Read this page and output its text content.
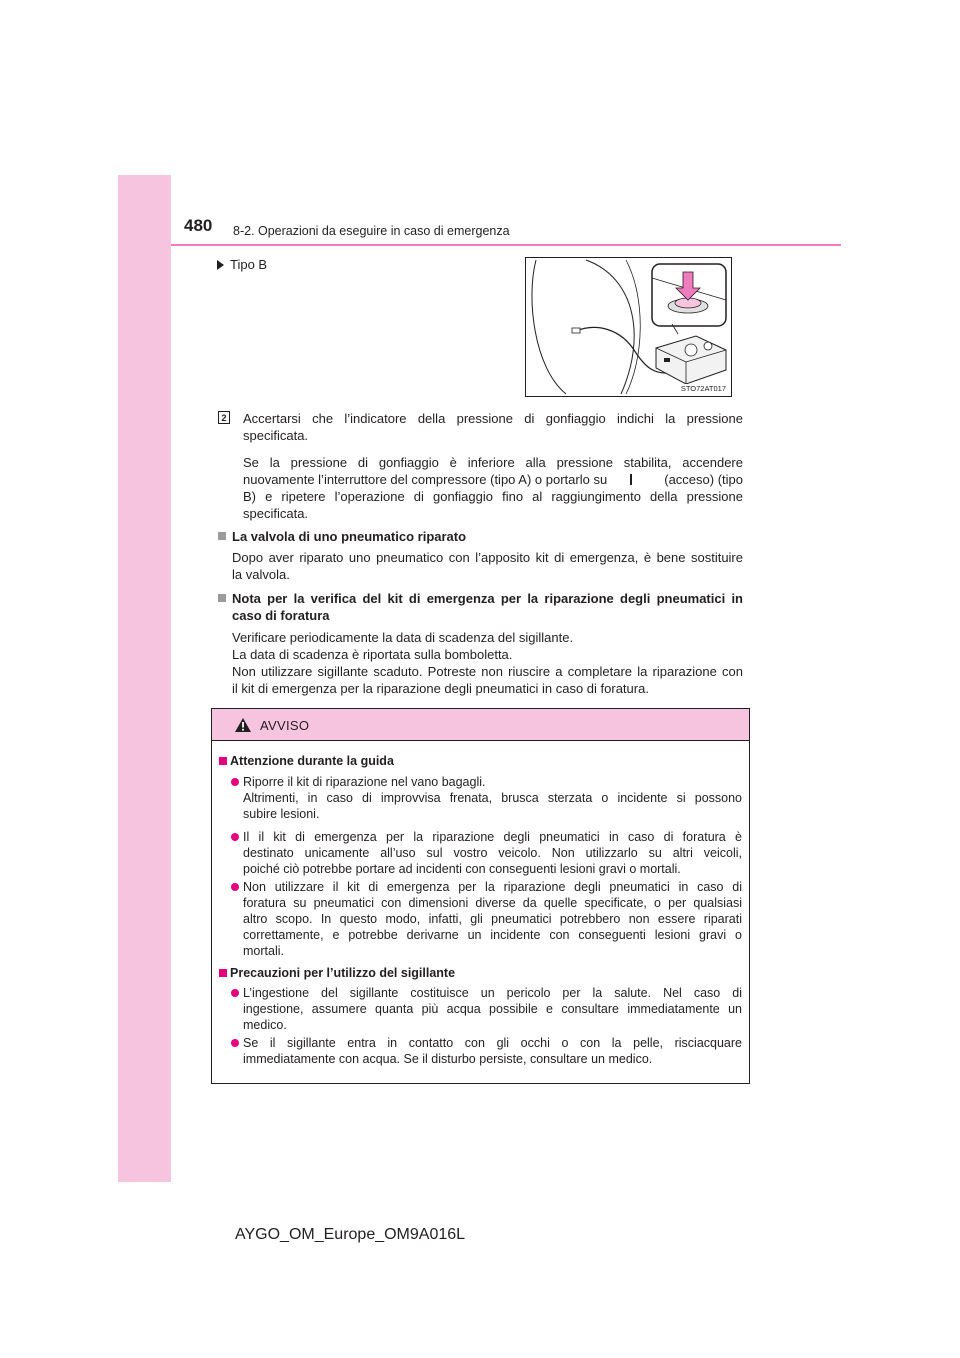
480 8-2. Operazioni da eseguire in caso di emergenza
Tipo B
STO72AT017
2 Accertarsi che l’indicatore della pressione di gonfiaggio indichi la pressione
specificata.
Se la pressione di gonfiaggio è inferiore alla pressione stabilita, accendere
nuovamente l’interruttore del compressore (tipo A) o portarlo su	(acceso) (tipo
B) e ripetere l’operazione di gonfiaggio fino al raggiungimento della pressione
specificata.
La valvola di uno pneumatico riparato
Dopo aver riparato uno pneumatico con l’apposito kit di emergenza, è bene sostituire
la valvola.
Nota per la verifica del kit di emergenza per la riparazione degli pneumatici in
caso di foratura
Verificare periodicamente la data di scadenza del sigillante.
La data di scadenza è riportata sulla bomboletta.
Non utilizzare sigillante scaduto. Potreste non riuscire a completare la riparazione con
il kit di emergenza per la riparazione degli pneumatici in caso di foratura.
AVVISO
Attenzione durante la guida
Riporre il kit di riparazione nel vano bagagli.
Altrimenti, in caso di improvvisa frenata, brusca sterzata o incidente si possono
subire lesioni.
Il il kit di emergenza per la riparazione degli pneumatici in caso di foratura è
destinato unicamente all’uso sul vostro veicolo. Non utilizzarlo su altri veicoli,
poiché ciò potrebbe portare ad incidenti con conseguenti lesioni gravi o mortali.
Non utilizzare il kit di emergenza per la riparazione degli pneumatici in caso di
foratura su pneumatici con dimensioni diverse da quelle specificate, o per qualsiasi
altro scopo. In questo modo, infatti, gli pneumatici potrebbero non essere riparati
correttamente, e potrebbe derivarne un incidente con conseguenti lesioni gravi o
mortali.
Precauzioni per l’utilizzo del sigillante
L’ingestione del sigillante costituisce un pericolo per la salute. Nel caso di
ingestione, assumere quanta più acqua possibile e consultare immediatamente un
medico.
Se il sigillante entra in contatto con gli occhi o con la pelle, risciacquare
immediatamente con acqua. Se il disturbo persiste, consultare un medico.
AYGO_OM_Europe_OM9A016L
